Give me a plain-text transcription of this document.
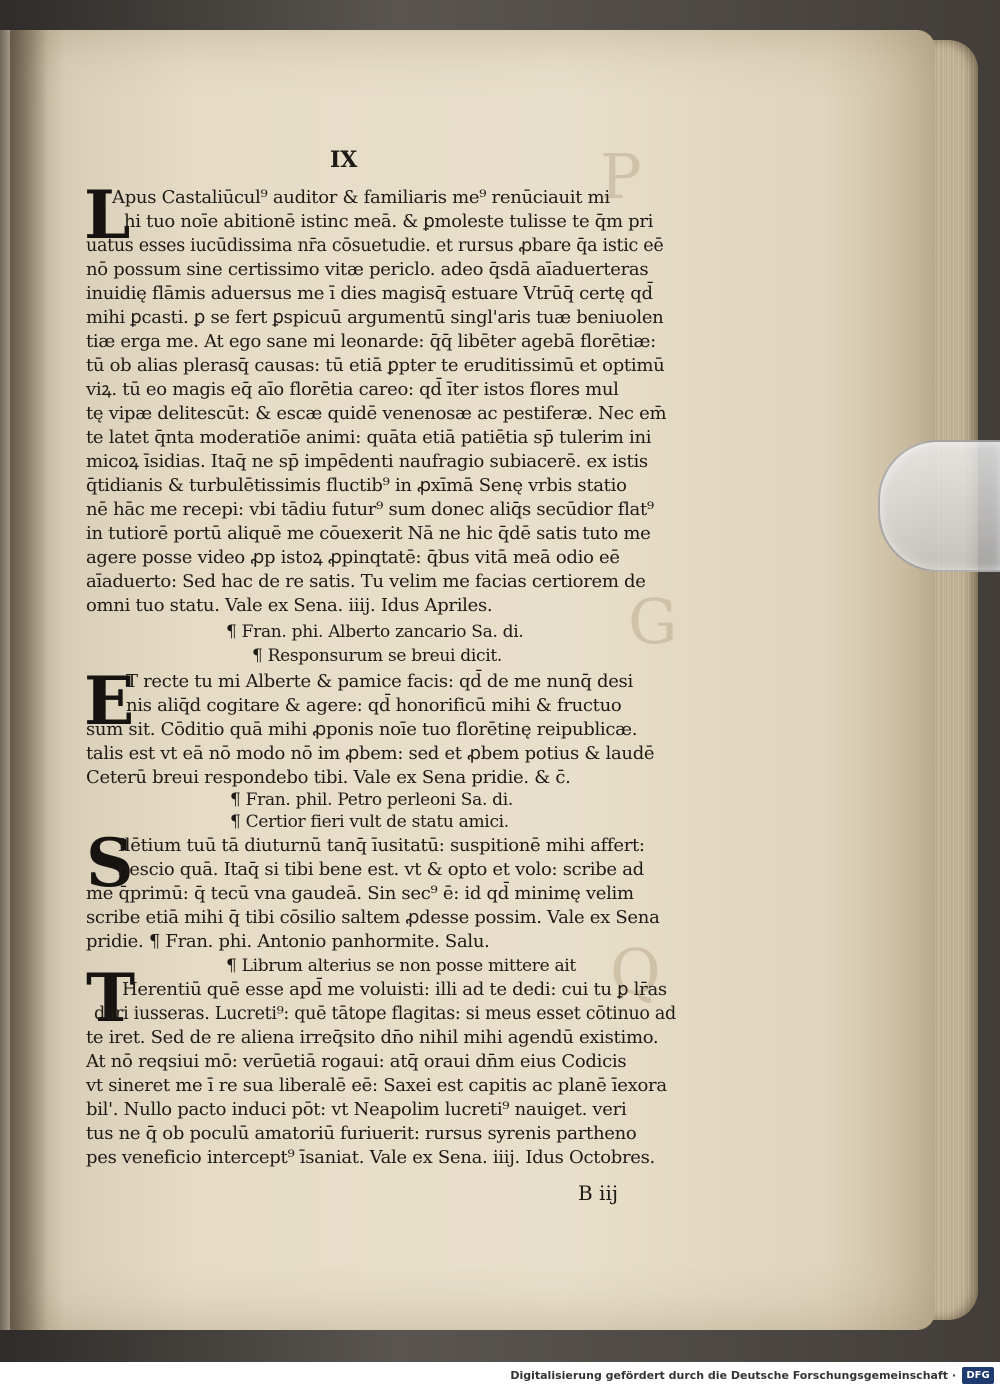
P
G
Q
IX
L
E
S
T
Apus Castaliūcul⁹ auditor & familiaris me⁹ renūciauit mi
hi tuo noīe abitionē istinc meā. & ꝑmoleste tulisse te q̄m pri
uatus esses iucūdissima nr̄a cōsuetudie. et rursus ꝓbare q̄a istic eē
nō possum sine certissimo vitæ periclo. adeo q̄sdā aīaduerteras
inuidię flāmis aduersus me ī dies magisq̄ estuare Vtrūq̄ certę qd̄
mihi ꝑcasti. ꝑ se fert ꝑspicuū argumentū singl'aris tuæ beniuolen
tiæ erga me. At ego sane mi leonarde: q̄q̄ libēter agebā florētiæ:
tū ob alias plerasq̄ causas: tū etiā ꝑpter te eruditissimū et optimū
viꝝ. tū eo magis eq̄ aīo florētia careo: qd̄ īter istos flores mul
tę vipæ delitescūt: & escæ quidē venenosæ ac pestiferæ. Nec em̄
te latet q̄nta moderatiōe animi: quāta etiā patiētia sp̄ tulerim ini
micoꝝ īsidias. Itaq̄ ne sp̄ impēdenti naufragio subiacerē. ex istis
q̄tidianis & turbulētissimis fluctib⁹ in ꝓxīmā Senę vrbis statio
nē hāc me recepi: vbi tādiu futur⁹ sum donec aliq̄s secūdior flat⁹
in tutiorē portū aliquē me cōuexerit Nā ne hic q̄dē satis tuto me
agere posse video ꝓp istoꝝ ꝓpinqtatē: q̄bus vitā meā odio eē
aīaduerto: Sed hac de re satis. Tu velim me facias certiorem de
omni tuo statu. Vale ex Sena. iiij. Idus Apriles.
¶ Fran. phi. Alberto zancario Sa. di.
¶ Responsurum se breui dicit.
T recte tu mi Alberte & pamice facis: qd̄ de me nunq̄ desi
nis aliq̄d cogitare & agere: qd̄ honorificū mihi & fructuo
sum sit. Cōditio quā mihi ꝓponis noīe tuo florētinę reipublicæ.
talis est vt eā nō modo nō im ꝓbem: sed et ꝓbem potius & laudē
Ceterū breui respondebo tibi. Vale ex Sena pridie. & c̄.
¶ Fran. phil. Petro perleoni Sa. di.
¶ Certior fieri vult de statu amici.
Ilētium tuū tā diuturnū tanq̄ īusitatū: suspitionē mihi affert:
nescio quā. Itaq̄ si tibi bene est. vt & opto et volo: scribe ad
me q̄primū: q̄ tecū vna gaudeā. Sin sec⁹ ē: id qd̄ minimę velim
scribe etiā mihi q̄ tibi cōsilio saltem ꝓdesse possim. Vale ex Sena
pridie. ¶ Fran. phi. Antonio panhormite. Salu.
¶ Librum alterius se non posse mittere ait
Herentiū quē esse apd̄ me voluisti: illi ad te dedi: cui tu ꝑ lr̄as
dari iusseras. Lucreti⁹: quē tātope flagitas: si meus esset cōtinuo ad
te iret. Sed de re aliena irreq̄sito dn̄o nihil mihi agendū existimo.
At nō reqsiui mō: verūetiā rogaui: atq̄ oraui dn̄m eius Codicis
vt sineret me ī re sua liberalē eē: Saxei est capitis ac planē īexora
bil'. Nullo pacto induci pōt: vt Neapolim lucreti⁹ nauiget. veri
tus ne q̄ ob poculū amatoriū furiuerit: rursus syrenis partheno
pes veneficio intercept⁹ īsaniat. Vale ex Sena. iiij. Idus Octobres.
B iij
Digitalisierung gefördert durch die Deutsche Forschungsgemeinschaft ·	DFG
